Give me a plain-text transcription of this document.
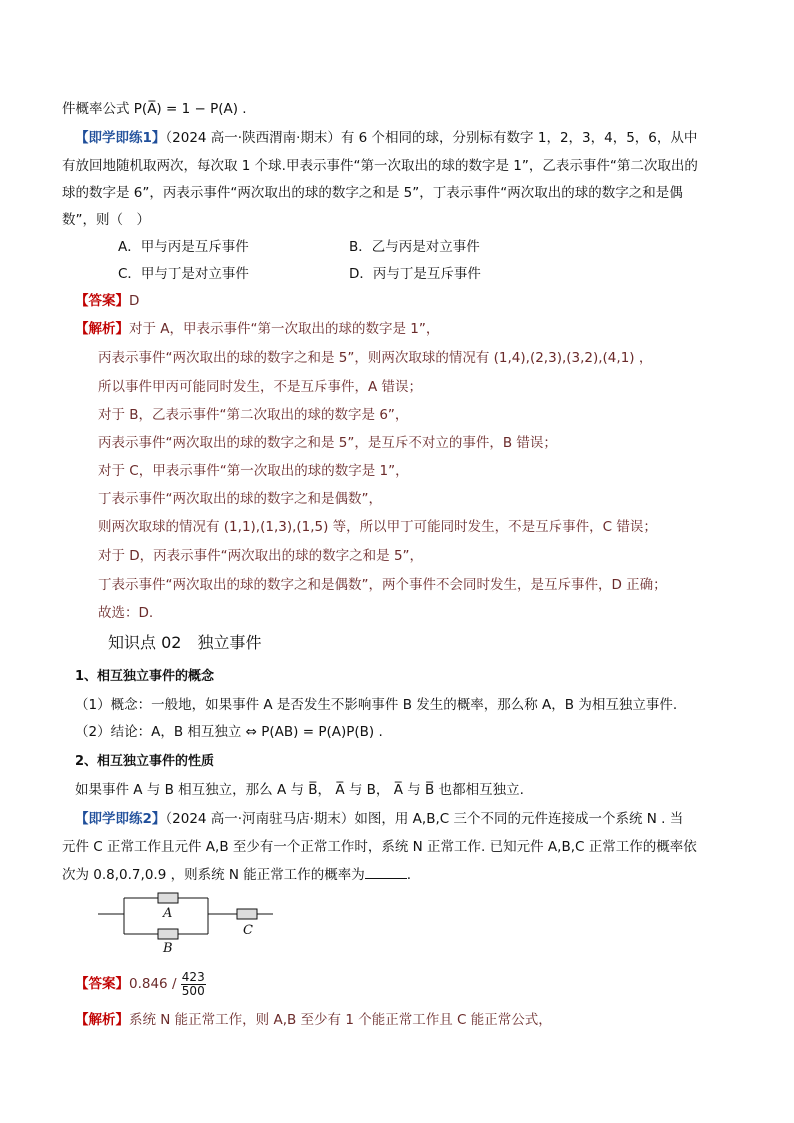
件概率公式 P(A̅) = 1 − P(A) .
【即学即练1】（2024 高一·陕西渭南·期末）有 6 个相同的球，分别标有数字 1，2，3，4，5，6，从中
有放回地随机取两次，每次取 1 个球.甲表示事件“第一次取出的球的数字是 1”，乙表示事件“第二次取出的
球的数字是 6”，丙表示事件“两次取出的球的数字之和是 5”，丁表示事件“两次取出的球的数字之和是偶
数”，则（　）
A．甲与丙是互斥事件	B．乙与丙是对立事件
C．甲与丁是对立事件	D．丙与丁是互斥事件
【答案】D
【解析】对于 A，甲表示事件“第一次取出的球的数字是 1”，
丙表示事件“两次取出的球的数字之和是 5”，则两次取球的情况有 (1,4),(2,3),(3,2),(4,1) ，
所以事件甲丙可能同时发生，不是互斥事件，A 错误；
对于 B，乙表示事件“第二次取出的球的数字是 6”，
丙表示事件“两次取出的球的数字之和是 5”，是互斥不对立的事件，B 错误；
对于 C，甲表示事件“第一次取出的球的数字是 1”，
丁表示事件“两次取出的球的数字之和是偶数”，
则两次取球的情况有 (1,1),(1,3),(1,5) 等，所以甲丁可能同时发生，不是互斥事件，C 错误；
对于 D，丙表示事件“两次取出的球的数字之和是 5”，
丁表示事件“两次取出的球的数字之和是偶数”，两个事件不会同时发生，是互斥事件，D 正确；
故选：D.
知识点 02　独立事件
1、相互独立事件的概念
（1）概念：一般地，如果事件 A 是否发生不影响事件 B 发生的概率，那么称 A，B 为相互独立事件.
（2）结论：A，B 相互独立 ⇔ P(AB) = P(A)P(B) .
2、相互独立事件的性质
如果事件 A 与 B 相互独立，那么 A 与 B̅， A̅ 与 B， A̅ 与 B̅ 也都相互独立.
【即学即练2】（2024 高一·河南驻马店·期末）如图，用 A,B,C 三个不同的元件连接成一个系统 N . 当
元件 C 正常工作且元件 A,B 至少有一个正常工作时，系统 N 正常工作. 已知元件 A,B,C 正常工作的概率依
次为 0.8,0.7,0.9 ，则系统 N 能正常工作的概率为	.
A
B
C
【答案】$0.846 / \frac{423}{500}$
【解析】系统 N 能正常工作，则 A,B 至少有 1 个能正常工作且 C 能正常公式，
